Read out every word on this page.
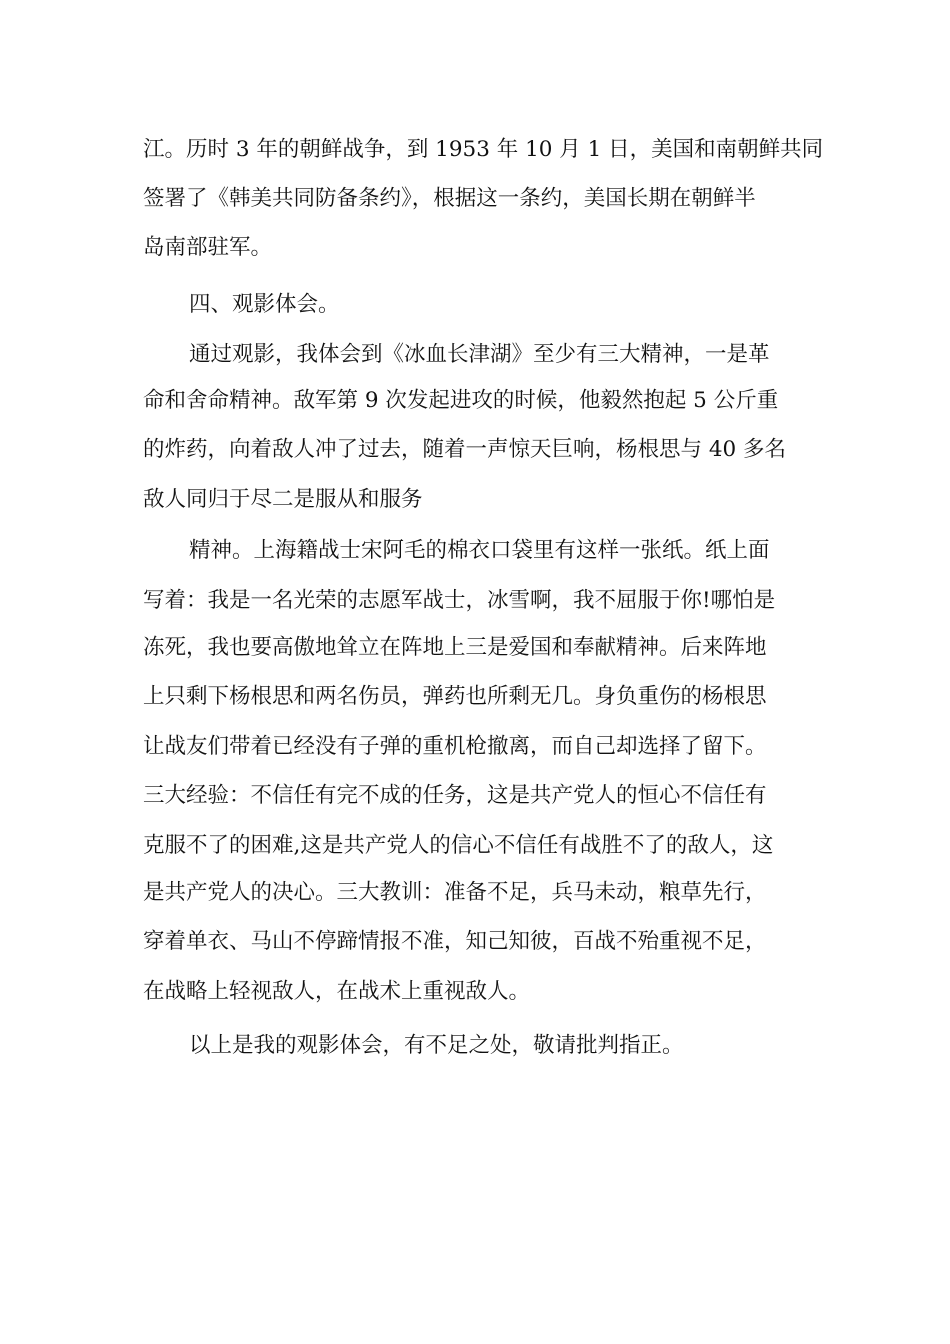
江。历时 3 年的朝鲜战争，到 1953 年 10 月 1 日，美国和南朝鲜共同

签署了《韩美共同防备条约》，根据这一条约，美国长期在朝鲜半

岛南部驻军。

四、观影体会。

通过观影，我体会到《冰血长津湖》至少有三大精神，一是革

命和舍命精神。敌军第 9 次发起进攻的时候，他毅然抱起 5 公斤重

的炸药，向着敌人冲了过去，随着一声惊天巨响，杨根思与 40 多名

敌人同归于尽二是服从和服务

精神。上海籍战士宋阿毛的棉衣口袋里有这样一张纸。纸上面

写着：我是一名光荣的志愿军战士，冰雪啊，我不屈服于你!哪怕是

冻死，我也要高傲地耸立在阵地上三是爱国和奉献精神。后来阵地

上只剩下杨根思和两名伤员，弹药也所剩无几。身负重伤的杨根思

让战友们带着已经没有子弹的重机枪撤离，而自己却选择了留下。

三大经验：不信任有完不成的任务，这是共产党人的恒心不信任有

克服不了的困难,这是共产党人的信心不信任有战胜不了的敌人，这

是共产党人的决心。三大教训：准备不足，兵马未动，粮草先行，

穿着单衣、马山不停蹄情报不准，知己知彼，百战不殆重视不足，

在战略上轻视敌人，在战术上重视敌人。

以上是我的观影体会，有不足之处，敬请批判指正。
